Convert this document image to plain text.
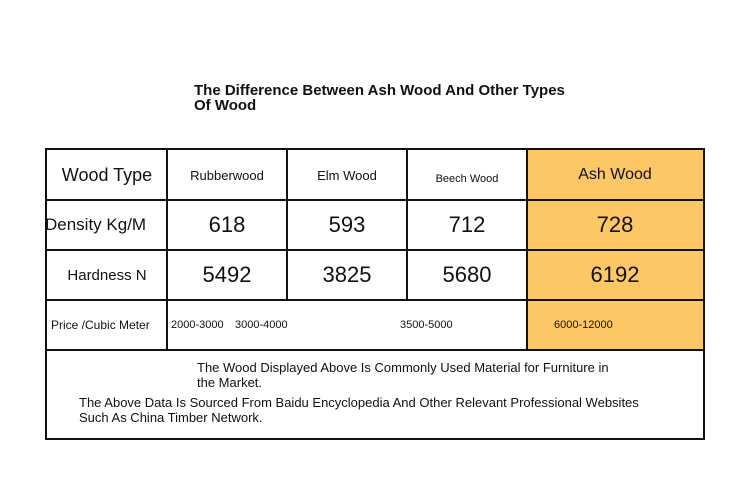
The Difference Between Ash Wood And Other Types Of Wood
Wood Type	Rubberwood	Elm Wood	Beech Wood	Ash Wood
Density Kg/M	618	593	712	728
Hardness N	5492	3825	5680	6192
Price /Cubic Meter	2000-3000	3000-4000	3500-5000	6000-12000
The Wood Displayed Above Is Commonly Used Material for Furniture in the Market.
The Above Data Is Sourced From Baidu Encyclopedia And Other Relevant Professional Websites Such As China Timber Network.
